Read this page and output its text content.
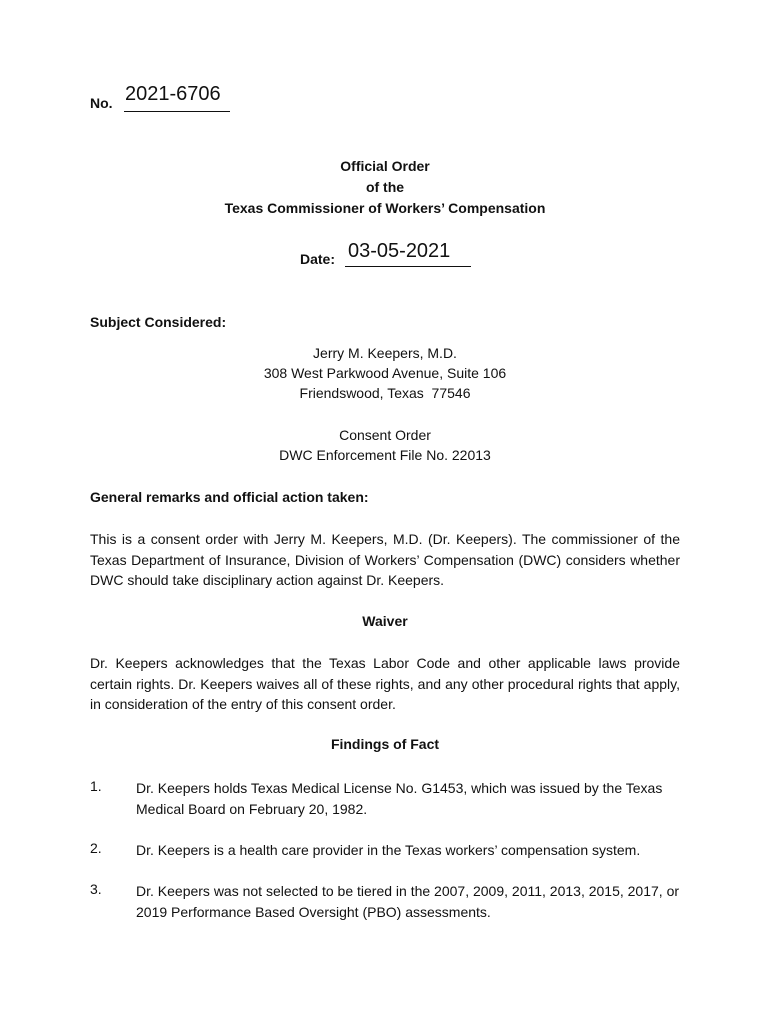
No. 2021-6706
Official Order
of the
Texas Commissioner of Workers’ Compensation
Date: 03-05-2021
Subject Considered:
Jerry M. Keepers, M.D.
308 West Parkwood Avenue, Suite 106
Friendswood, Texas  77546
Consent Order
DWC Enforcement File No. 22013
General remarks and official action taken:
This is a consent order with Jerry M. Keepers, M.D. (Dr. Keepers). The commissioner of the Texas Department of Insurance, Division of Workers’ Compensation (DWC) considers whether DWC should take disciplinary action against Dr. Keepers.
Waiver
Dr. Keepers acknowledges that the Texas Labor Code and other applicable laws provide certain rights. Dr. Keepers waives all of these rights, and any other procedural rights that apply, in consideration of the entry of this consent order.
Findings of Fact
1. Dr. Keepers holds Texas Medical License No. G1453, which was issued by the Texas Medical Board on February 20, 1982.
2. Dr. Keepers is a health care provider in the Texas workers’ compensation system.
3. Dr. Keepers was not selected to be tiered in the 2007, 2009, 2011, 2013, 2015, 2017, or 2019 Performance Based Oversight (PBO) assessments.
